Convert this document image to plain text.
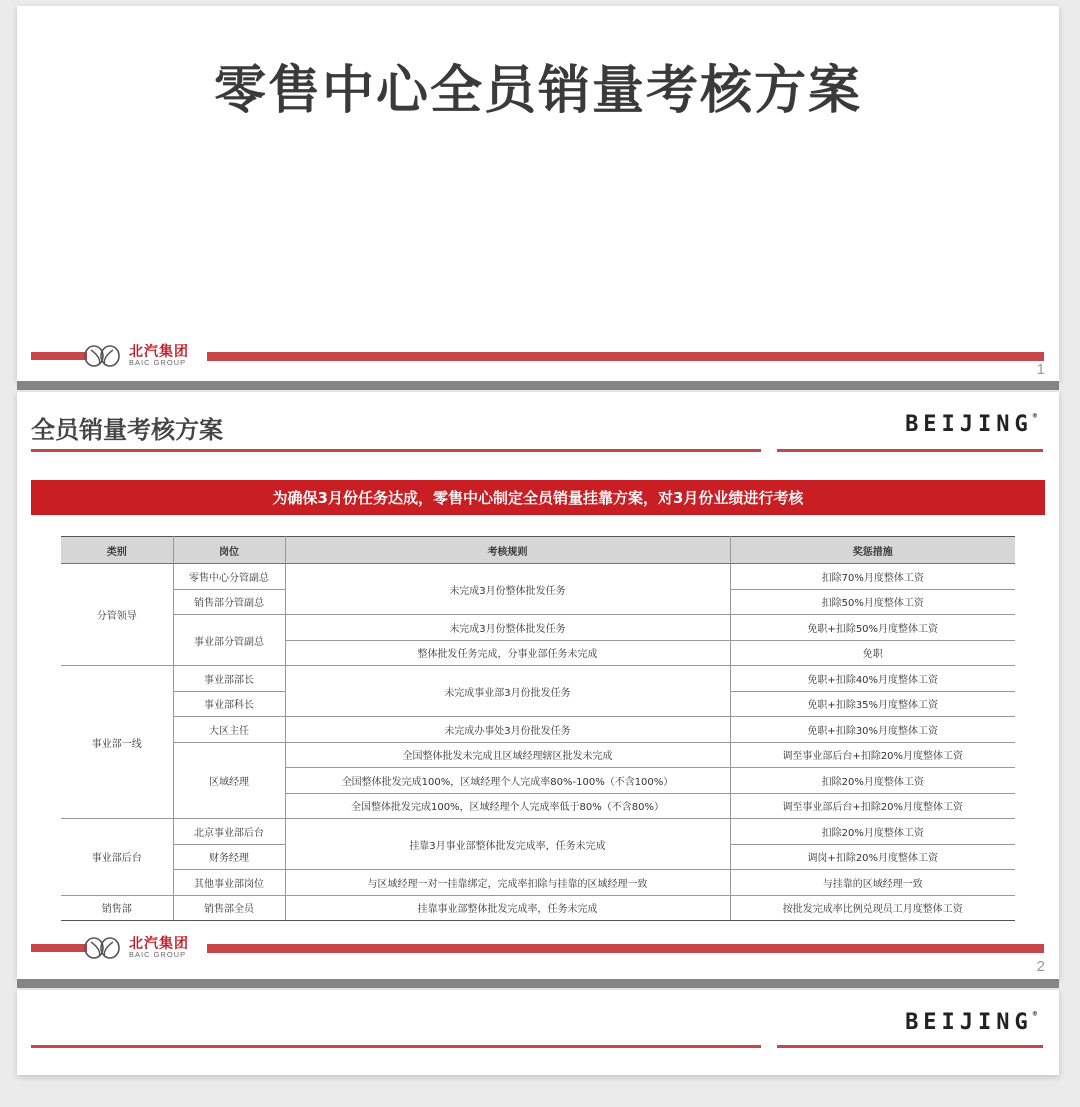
零售中心全员销量考核方案
北汽集团
BAIC GROUP	1
全员销量考核方案	BEIJING®
为确保3月份任务达成，零售中心制定全员销量挂靠方案，对3月份业绩进行考核
类别	岗位	考核规则	奖惩措施
分管领导	零售中心分管副总	未完成3月份整体批发任务	扣除70%月度整体工资
	销售部分管副总		扣除50%月度整体工资
	事业部分管副总	未完成3月份整体批发任务	免职+扣除50%月度整体工资
		整体批发任务完成，分事业部任务未完成	免职
事业部一线	事业部部长	未完成事业部3月份批发任务	免职+扣除40%月度整体工资
	事业部科长		免职+扣除35%月度整体工资
	大区主任	未完成办事处3月份批发任务	免职+扣除30%月度整体工资
	区域经理	全国整体批发未完成且区域经理辖区批发未完成	调至事业部后台+扣除20%月度整体工资
		全国整体批发完成100%，区域经理个人完成率80%-100%（不含100%）	扣除20%月度整体工资
		全国整体批发完成100%，区域经理个人完成率低于80%（不含80%）	调至事业部后台+扣除20%月度整体工资
事业部后台	北京事业部后台	挂靠3月事业部整体批发完成率，任务未完成	扣除20%月度整体工资
	财务经理		调岗+扣除20%月度整体工资
	其他事业部岗位	与区域经理一对一挂靠绑定，完成率扣除与挂靠的区域经理一致	与挂靠的区域经理一致
销售部	销售部全员	挂靠事业部整体批发完成率，任务未完成	按批发完成率比例兑现员工月度整体工资
北汽集团
BAIC GROUP
2
BEIJING®
